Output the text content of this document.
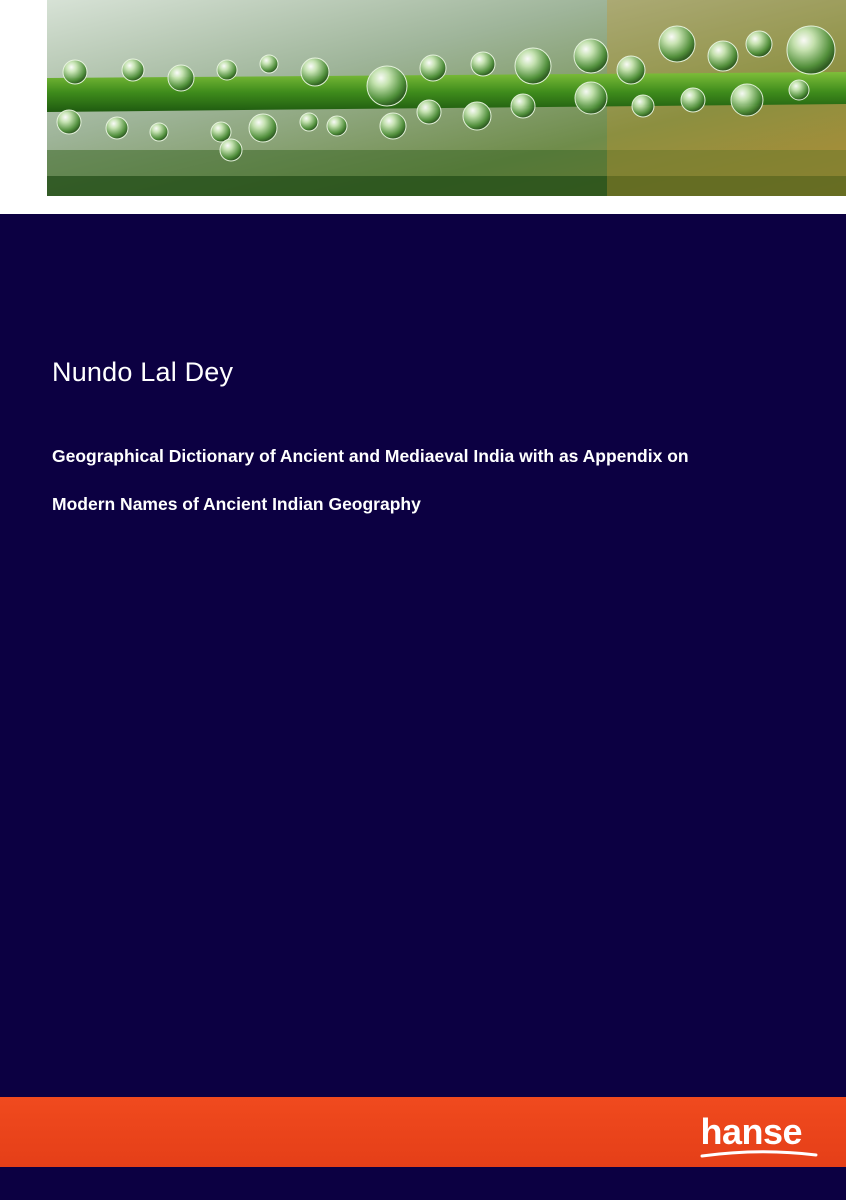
Nundo Lal Dey
Geographical Dictionary of Ancient and Mediaeval India with as Appendix on
Modern Names of Ancient Indian Geography
hanse
